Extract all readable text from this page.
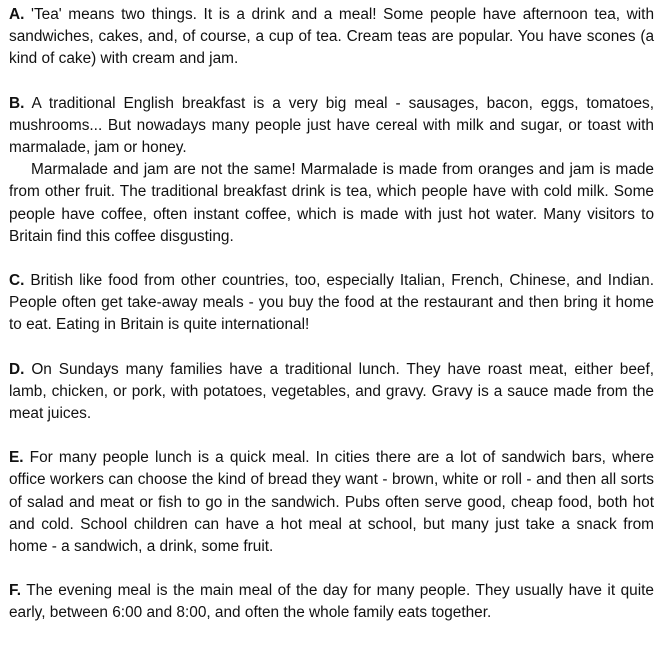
A. 'Tea' means two things. It is a drink and a meal! Some people have afternoon tea, with sandwiches, cakes, and, of course, a cup of tea. Cream teas are popular. You have scones (a kind of cake) with cream and jam.

B. A traditional English breakfast is a very big meal - sausages, bacon, eggs, tomatoes, mushrooms... But nowadays many people just have cereal with milk and sugar, or toast with marmalade, jam or honey.

Marmalade and jam are not the same! Marmalade is made from oranges and jam is made from other fruit. The traditional breakfast drink is tea, which people have with cold milk. Some people have coffee, often instant coffee, which is made with just hot water. Many visitors to Britain find this coffee disgusting.

C. British like food from other countries, too, especially Italian, French, Chinese, and Indian. People often get take-away meals - you buy the food at the restaurant and then bring it home to eat. Eating in Britain is quite international!

D. On Sundays many families have a traditional lunch. They have roast meat, either beef, lamb, chicken, or pork, with potatoes, vegetables, and gravy. Gravy is a sauce made from the meat juices.

E. For many people lunch is a quick meal. In cities there are a lot of sandwich bars, where office workers can choose the kind of bread they want - brown, white or roll - and then all sorts of salad and meat or fish to go in the sandwich. Pubs often serve good, cheap food, both hot and cold. School children can have a hot meal at school, but many just take a snack from home - a sandwich, a drink, some fruit.

F. The evening meal is the main meal of the day for many people. They usually have it quite early, between 6:00 and 8:00, and often the whole family eats together.
